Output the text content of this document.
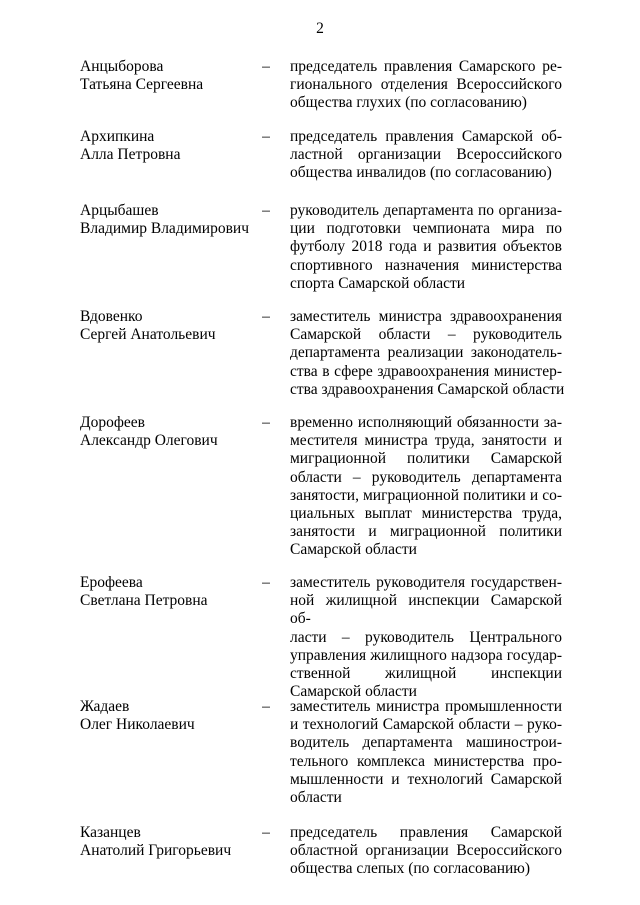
2
Анцыборова
Татьяна Сергеевна
– председатель правления Самарского ре-
гионального отделения Всероссийского
общества глухих (по согласованию)
Архипкина
Алла Петровна
– председатель правления Самарской об-
ластной организации Всероссийского
общества инвалидов (по согласованию)
Арцыбашев
Владимир Владимирович
– руководитель департамента по организа-
ции подготовки чемпионата мира по
футболу 2018 года и развития объектов
спортивного назначения министерства
спорта Самарской области
Вдовенко
Сергей Анатольевич
– заместитель министра здравоохранения
Самарской области – руководитель
департамента реализации законодатель-
ства в сфере здравоохранения министер-
ства здравоохранения Самарской области
Дорофеев
Александр Олегович
– временно исполняющий обязанности за-
местителя министра труда, занятости и
миграционной политики Самарской
области – руководитель департамента
занятости, миграционной политики и со-
циальных выплат министерства труда,
занятости и миграционной политики
Самарской области
Ерофеева
Светлана Петровна
– заместитель руководителя государствен-
ной жилищной инспекции Самарской об-
ласти – руководитель Центрального
управления жилищного надзора государ-
ственной жилищной инспекции
Самарской области
Жадаев
Олег Николаевич
– заместитель министра промышленности
и технологий Самарской области – руко-
водитель департамента машинострои-
тельного комплекса министерства про-
мышленности и технологий Самарской
области
Казанцев
Анатолий Григорьевич
– председатель правления Самарской
областной организации Всероссийского
общества слепых (по согласованию)
